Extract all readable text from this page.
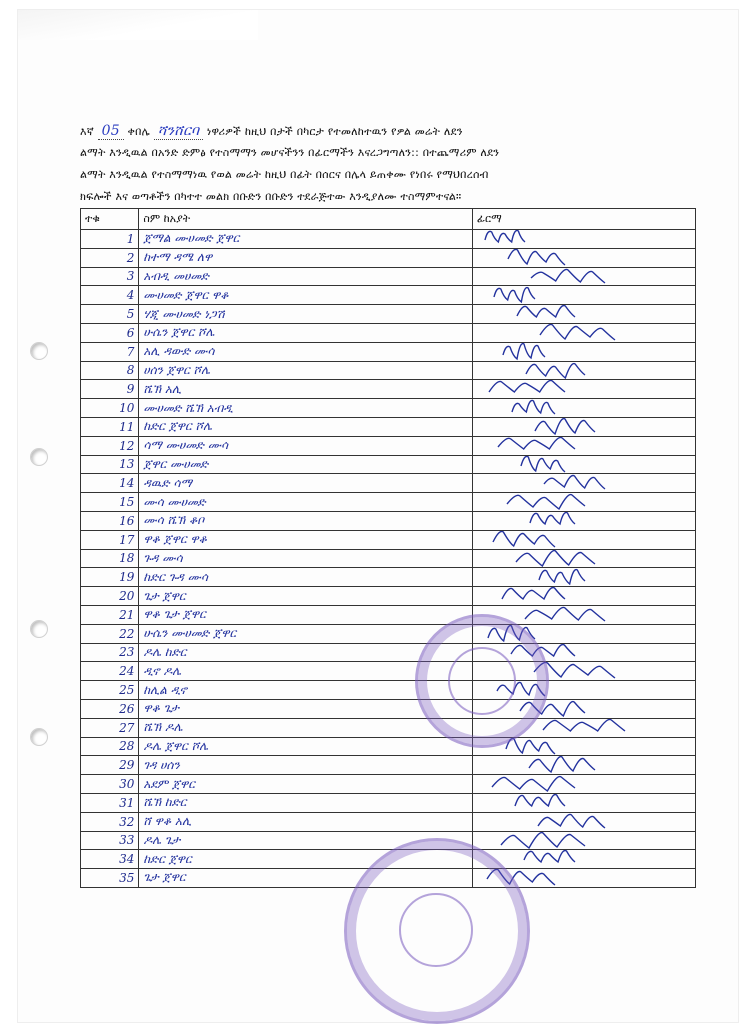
እኛ 05 ቀበሌ ሻንሸርባ ነዋሪዎች ከዚህ በታች በካርታ የተመለከተዉን የዎል መሬት ለደን
ልማት እንዲዉል በአንድ ድምፅ የተስማማን መሆናችንን በፊርማችን እናረጋግጣለን:: በተጨማሪም ለደን
ልማት እንዲዉል የተስማማነዉ የወል መሬት ከዚህ በፊት በሰርና በሌላ ይጠቀሙ የነበሩ የማህበረሰብ
ክፍሎች እና ወጣቶችን በካተተ መልክ በቡድን በቡድን ተደራጅተው እንዲያለሙ ተስማምተናል።
ተቁ	ስም ከአያት	ፊርማ
1	ጀማል ሙሀመድ ጀዋር	

2	ከተማ ዳሜ ለዋ	

3	አብዲ መሀመድ	

4	ሙሀመድ ጀዋር ዋቆ	

5	ሃጂ ሙሀመድ ነጋሽ	

6	ሁሴን ጀዋር ሾሌ	

7	አሊ ዳውድ ሙሳ	

8	ሀሰን ጀዋር ሾሌ	

9	ሼኽ አሊ	

10	ሙሀመድ ሼኽ አብዲ	

11	ከድር ጀዋር ሾሌ	

12	ሳማ ሙሀመድ ሙሳ	

13	ጀዋር ሙሀመድ	

14	ዳዉድ ሳማ	

15	ሙሳ ሙሀመድ	

16	ሙሳ ሼኽ ቆቦ	

17	ዋቆ ጀዋር ዋቆ	

18	ጉዳ ሙሳ	

19	ከድር ጉዳ ሙሳ	

20	ጌታ ጀዋር	

21	ዋቆ ጌታ ጀዋር	

22	ሁሴን ሙሀመድ ጀዋር	

23	ዶሌ ከድር	

24	ዲኖ ዶሌ	

25	ከሊል ዲኖ	

26	ዋቆ ጌታ	

27	ሼኽ ዶሌ	

28	ዶሌ ጀዋር ሾሌ	

29	ገዳ ሀሰን	

30	አደም ጀዋር	

31	ሼኽ ከድር	

32	ሸ ዋቆ አሊ	

33	ዶሌ ጌታ	

34	ከድር ጀዋር	

35	ጌታ ጀዋር	
